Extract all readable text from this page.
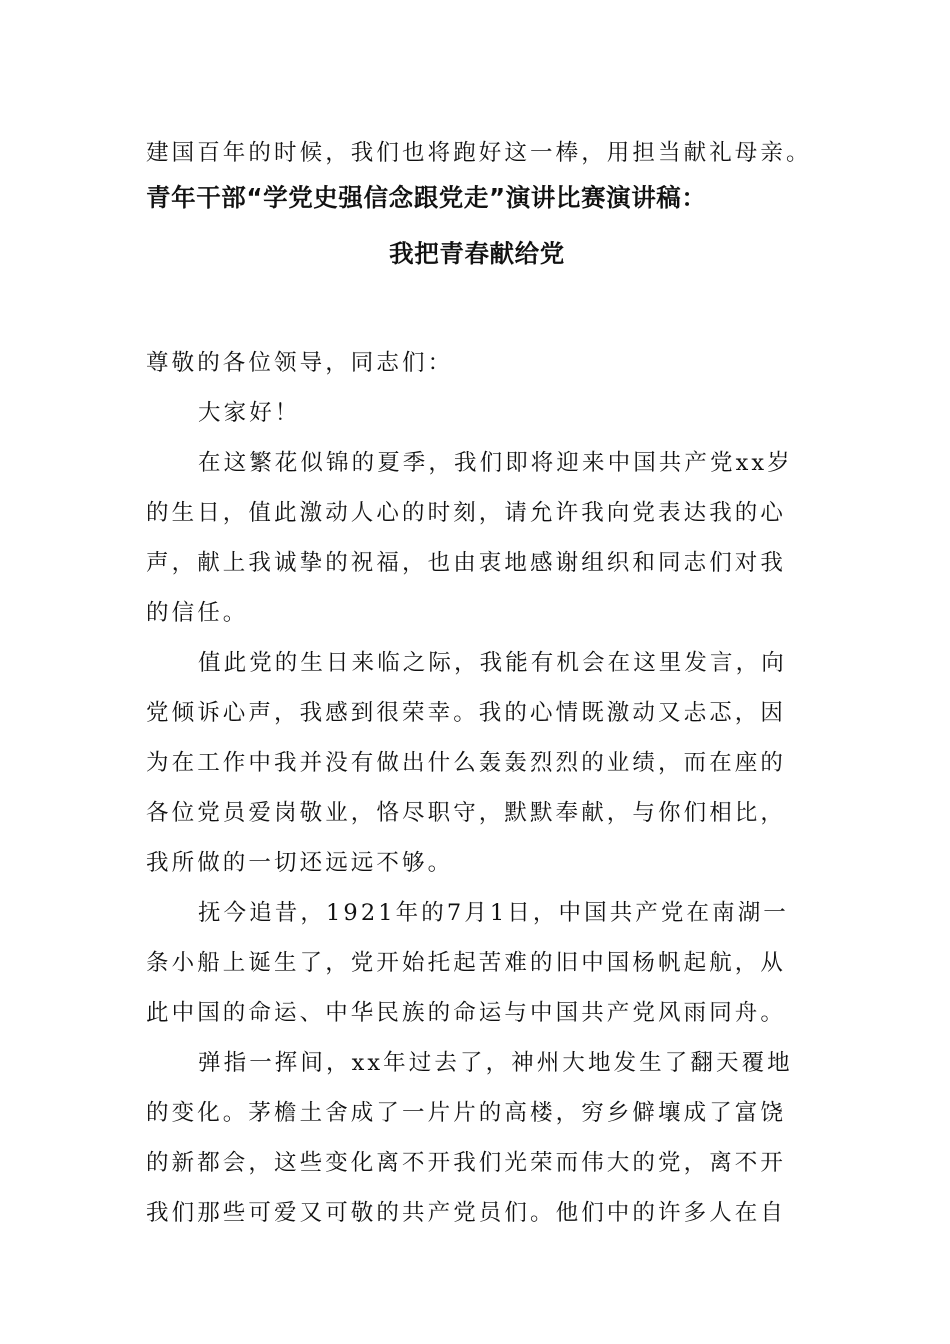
建国百年的时候，我们也将跑好这一棒，用担当献礼母亲。
青年干部“学党史强信念跟党走”演讲比赛演讲稿：
我把青春献给党
尊敬的各位领导，同志们：
大家好！
在这繁花似锦的夏季，我们即将迎来中国共产党xx岁
的生日，值此激动人心的时刻，请允许我向党表达我的心
声，献上我诚挚的祝福，也由衷地感谢组织和同志们对我
的信任。
值此党的生日来临之际，我能有机会在这里发言，向
党倾诉心声，我感到很荣幸。我的心情既激动又忐忑，因
为在工作中我并没有做出什么轰轰烈烈的业绩，而在座的
各位党员爱岗敬业，恪尽职守，默默奉献，与你们相比，
我所做的一切还远远不够。
抚今追昔，1921年的7月1日，中国共产党在南湖一
条小船上诞生了，党开始托起苦难的旧中国杨帆起航，从
此中国的命运、中华民族的命运与中国共产党风雨同舟。
弹指一挥间，xx年过去了，神州大地发生了翻天覆地
的变化。茅檐土舍成了一片片的高楼，穷乡僻壤成了富饶
的新都会，这些变化离不开我们光荣而伟大的党，离不开
我们那些可爱又可敬的共产党员们。他们中的许多人在自
